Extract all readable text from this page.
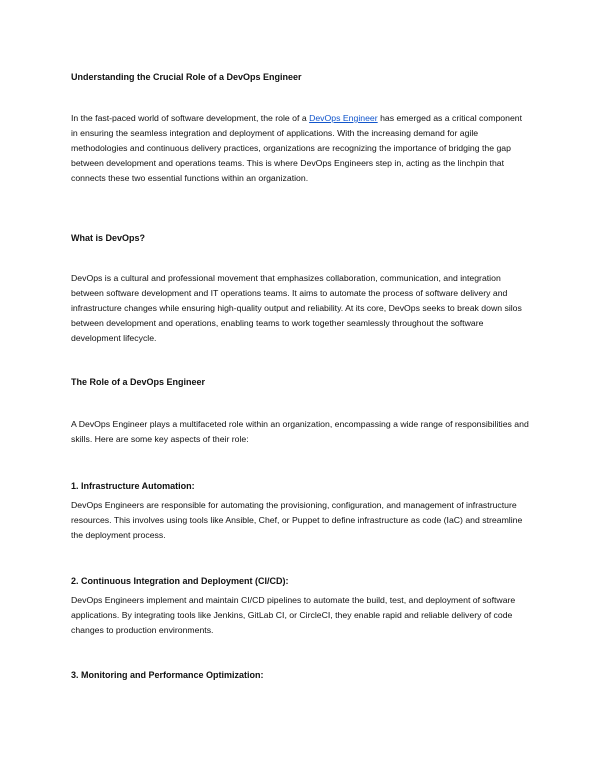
Understanding the Crucial Role of a DevOps Engineer

In the fast-paced world of software development, the role of a DevOps Engineer has emerged as a critical component in ensuring the seamless integration and deployment of applications. With the increasing demand for agile methodologies and continuous delivery practices, organizations are recognizing the importance of bridging the gap between development and operations teams. This is where DevOps Engineers step in, acting as the linchpin that connects these two essential functions within an organization.

What is DevOps?

DevOps is a cultural and professional movement that emphasizes collaboration, communication, and integration between software development and IT operations teams. It aims to automate the process of software delivery and infrastructure changes while ensuring high-quality output and reliability. At its core, DevOps seeks to break down silos between development and operations, enabling teams to work together seamlessly throughout the software development lifecycle.

The Role of a DevOps Engineer

A DevOps Engineer plays a multifaceted role within an organization, encompassing a wide range of responsibilities and skills. Here are some key aspects of their role:

1. Infrastructure Automation:

DevOps Engineers are responsible for automating the provisioning, configuration, and management of infrastructure resources. This involves using tools like Ansible, Chef, or Puppet to define infrastructure as code (IaC) and streamline the deployment process.

2. Continuous Integration and Deployment (CI/CD):

DevOps Engineers implement and maintain CI/CD pipelines to automate the build, test, and deployment of software applications. By integrating tools like Jenkins, GitLab CI, or CircleCI, they enable rapid and reliable delivery of code changes to production environments.

3. Monitoring and Performance Optimization:
